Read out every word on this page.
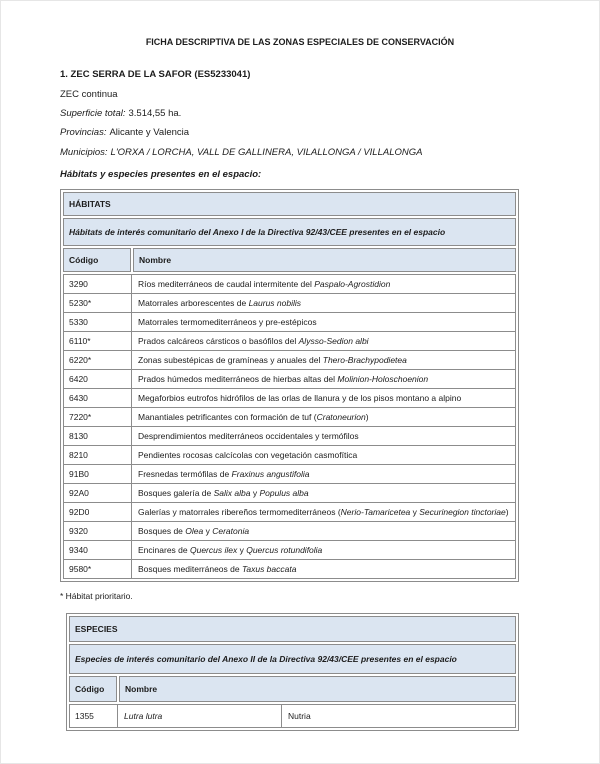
FICHA DESCRIPTIVA DE LAS ZONAS ESPECIALES DE CONSERVACIÓN
1. ZEC SERRA DE LA SAFOR (ES5233041)
ZEC continua
Superficie total: 3.514,55 ha.
Provincias: Alicante y Valencia
Municipios: L'ORXA / LORCHA, VALL DE GALLINERA, VILALLONGA / VILLALONGA
Hábitats y especies presentes en el espacio:
HÁBITATS
Hábitats de interés comunitario del Anexo I de la Directiva 92/43/CEE presentes en el espacio
Código	Nombre
3290	Ríos mediterráneos de caudal intermitente del Paspalo-Agrostidion
5230*	Matorrales arborescentes de Laurus nobilis
5330	Matorrales termomediterráneos y pre-estépicos
6110*	Prados calcáreos cársticos o basófilos del Alysso-Sedion albi
6220*	Zonas subestépicas de gramíneas y anuales del Thero-Brachypodietea
6420	Prados húmedos mediterráneos de hierbas altas del Molinion-Holoschoenion
6430	Megaforbios eutrofos hidrófilos de las orlas de llanura y de los pisos montano a alpino
7220*	Manantiales petrificantes con formación de tuf (Cratoneurion)
8130	Desprendimientos mediterráneos occidentales y termófilos
8210	Pendientes rocosas calcícolas con vegetación casmofítica
91B0	Fresnedas termófilas de Fraxinus angustifolia
92A0	Bosques galería de Salix alba y Populus alba
92D0	Galerías y matorrales ribereños termomediterráneos (Nerio-Tamaricetea y Securinegion tinctoriae)
9320	Bosques de Olea y Ceratonia
9340	Encinares de Quercus ilex y Quercus rotundifolia
9580*	Bosques mediterráneos de Taxus baccata
* Hábitat prioritario.
ESPECIES
Especies de interés comunitario del Anexo II de la Directiva 92/43/CEE presentes en el espacio
Código	Nombre
1355	Lutra lutra	Nutria
